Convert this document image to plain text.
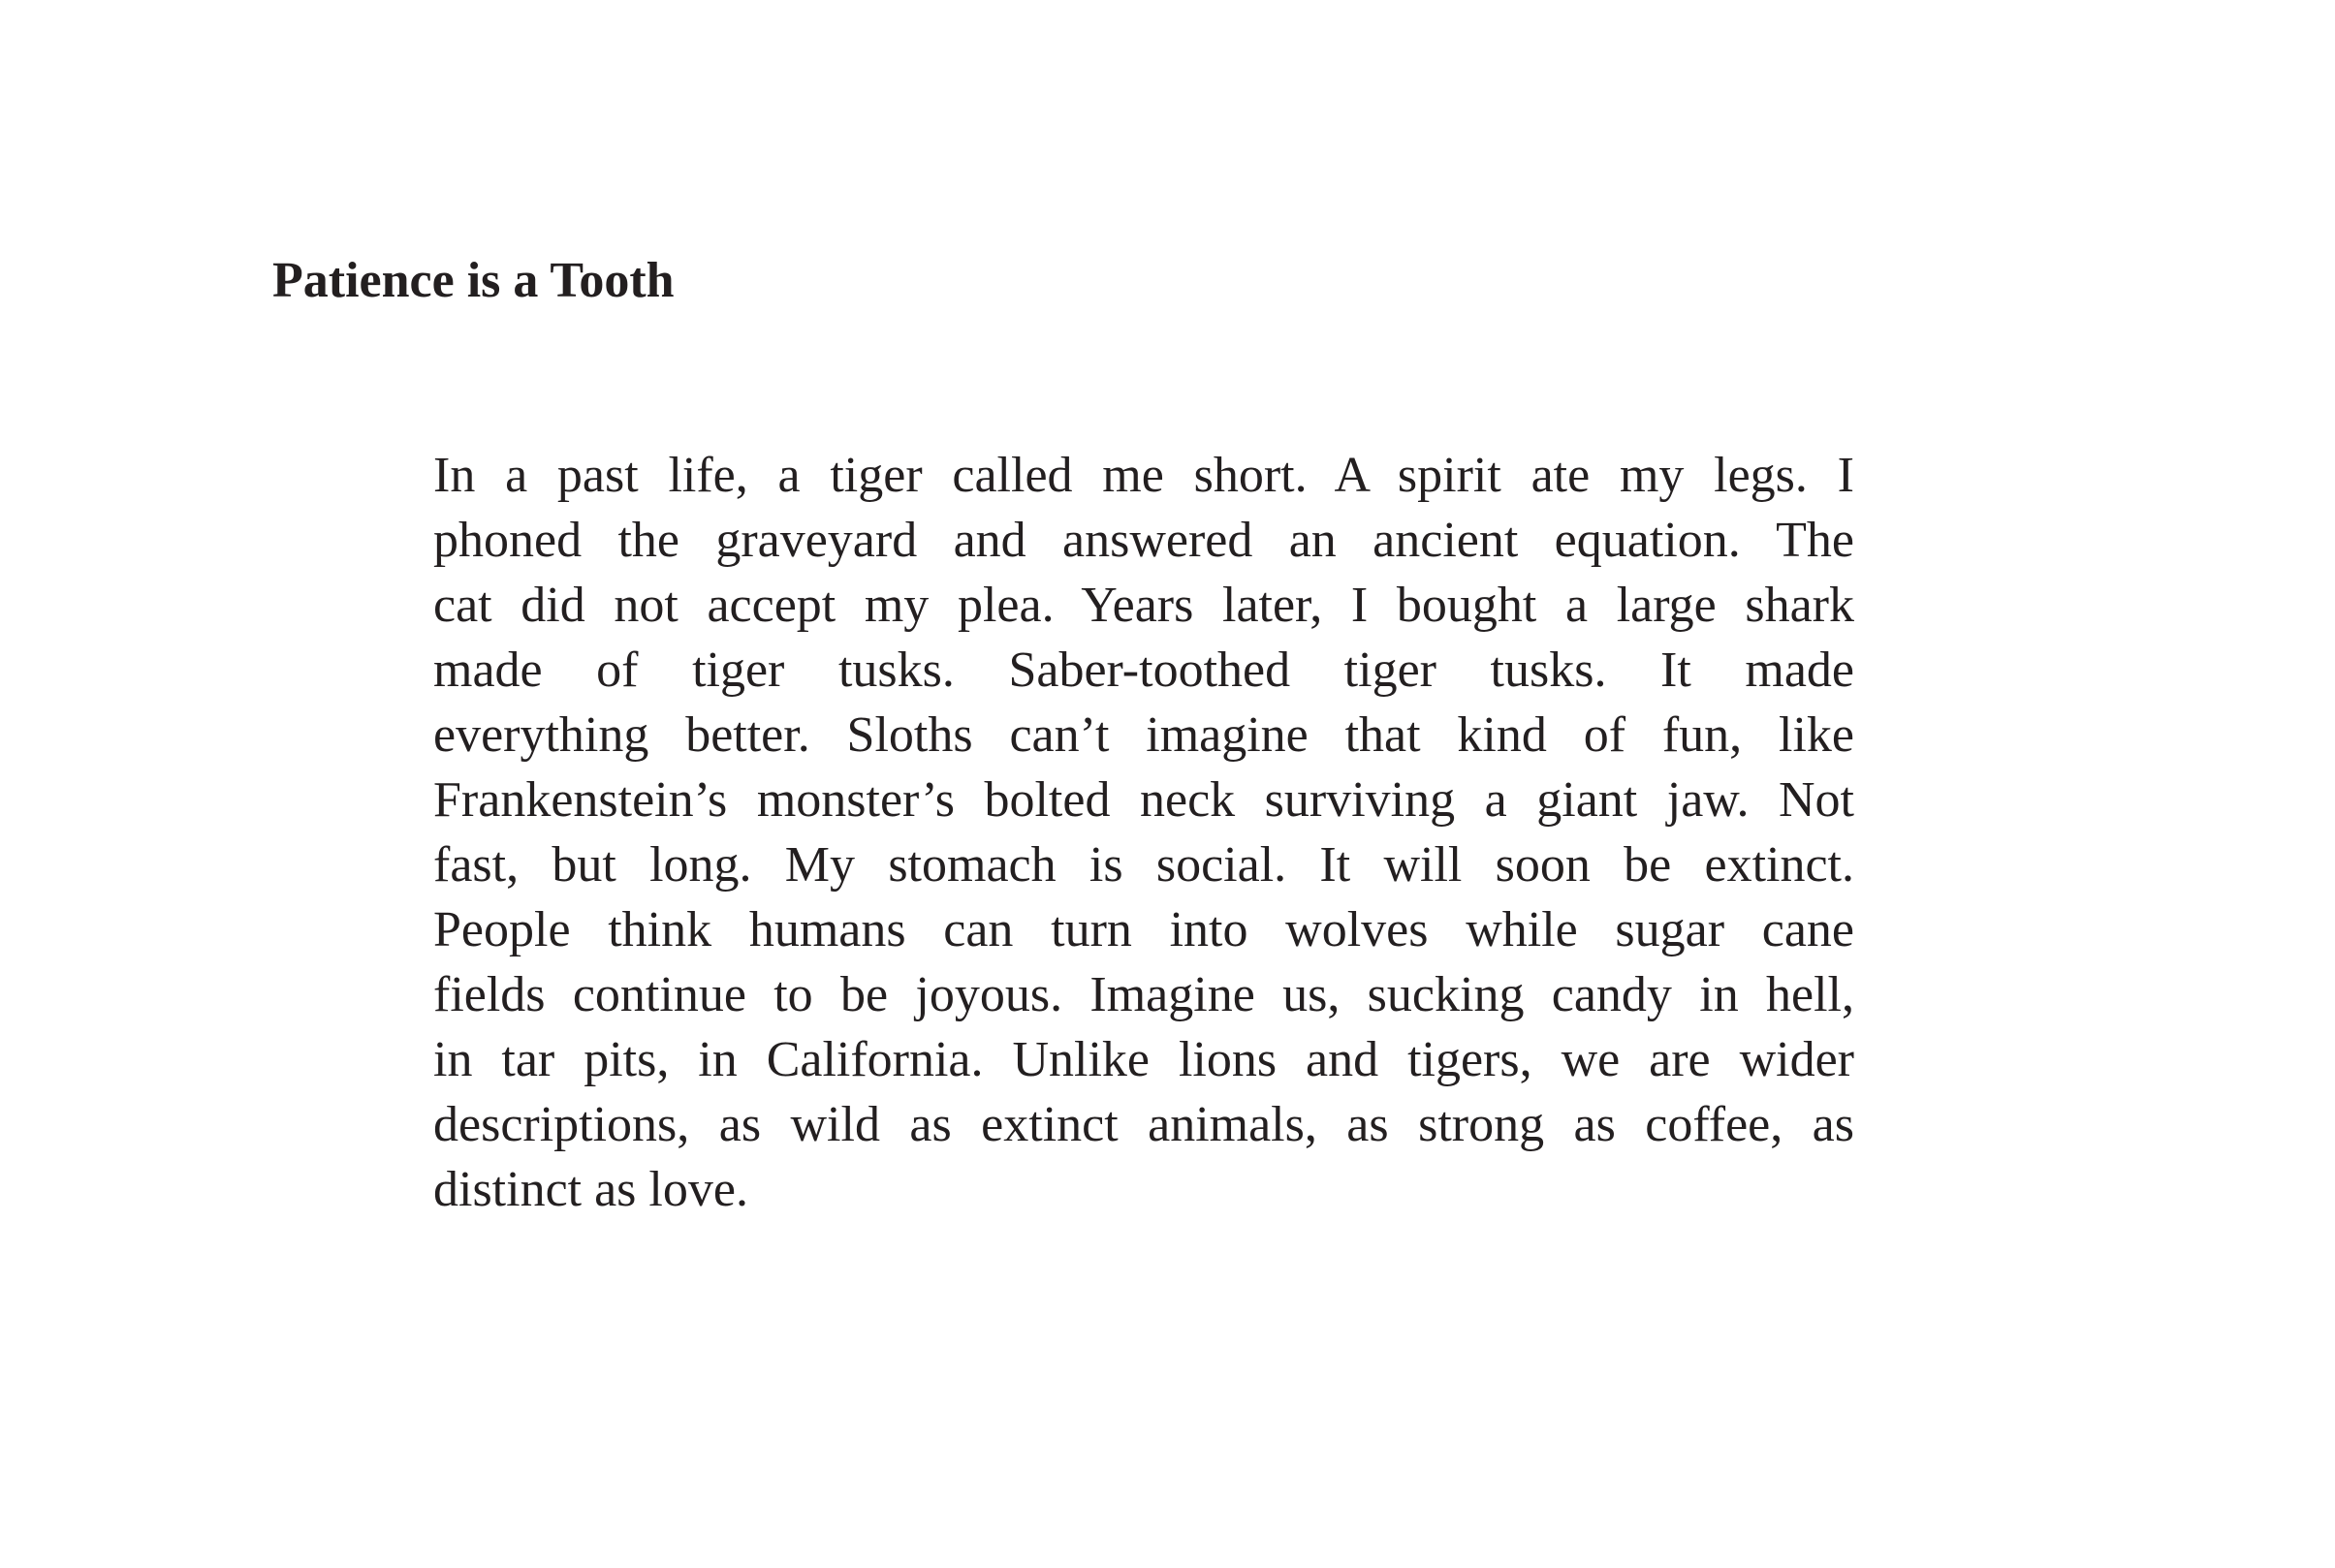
Patience is a Tooth
In a past life, a tiger called me short. A spirit ate my legs. I
phoned the graveyard and answered an ancient equation. The
cat did not accept my plea. Years later, I bought a large shark
made of tiger tusks. Saber-toothed tiger tusks. It made
everything better. Sloths can’t imagine that kind of fun, like
Frankenstein’s monster’s bolted neck surviving a giant jaw. Not
fast, but long. My stomach is social. It will soon be extinct.
People think humans can turn into wolves while sugar cane
fields continue to be joyous. Imagine us, sucking candy in hell,
in tar pits, in California. Unlike lions and tigers, we are wider
descriptions, as wild as extinct animals, as strong as coffee, as
distinct as love.
